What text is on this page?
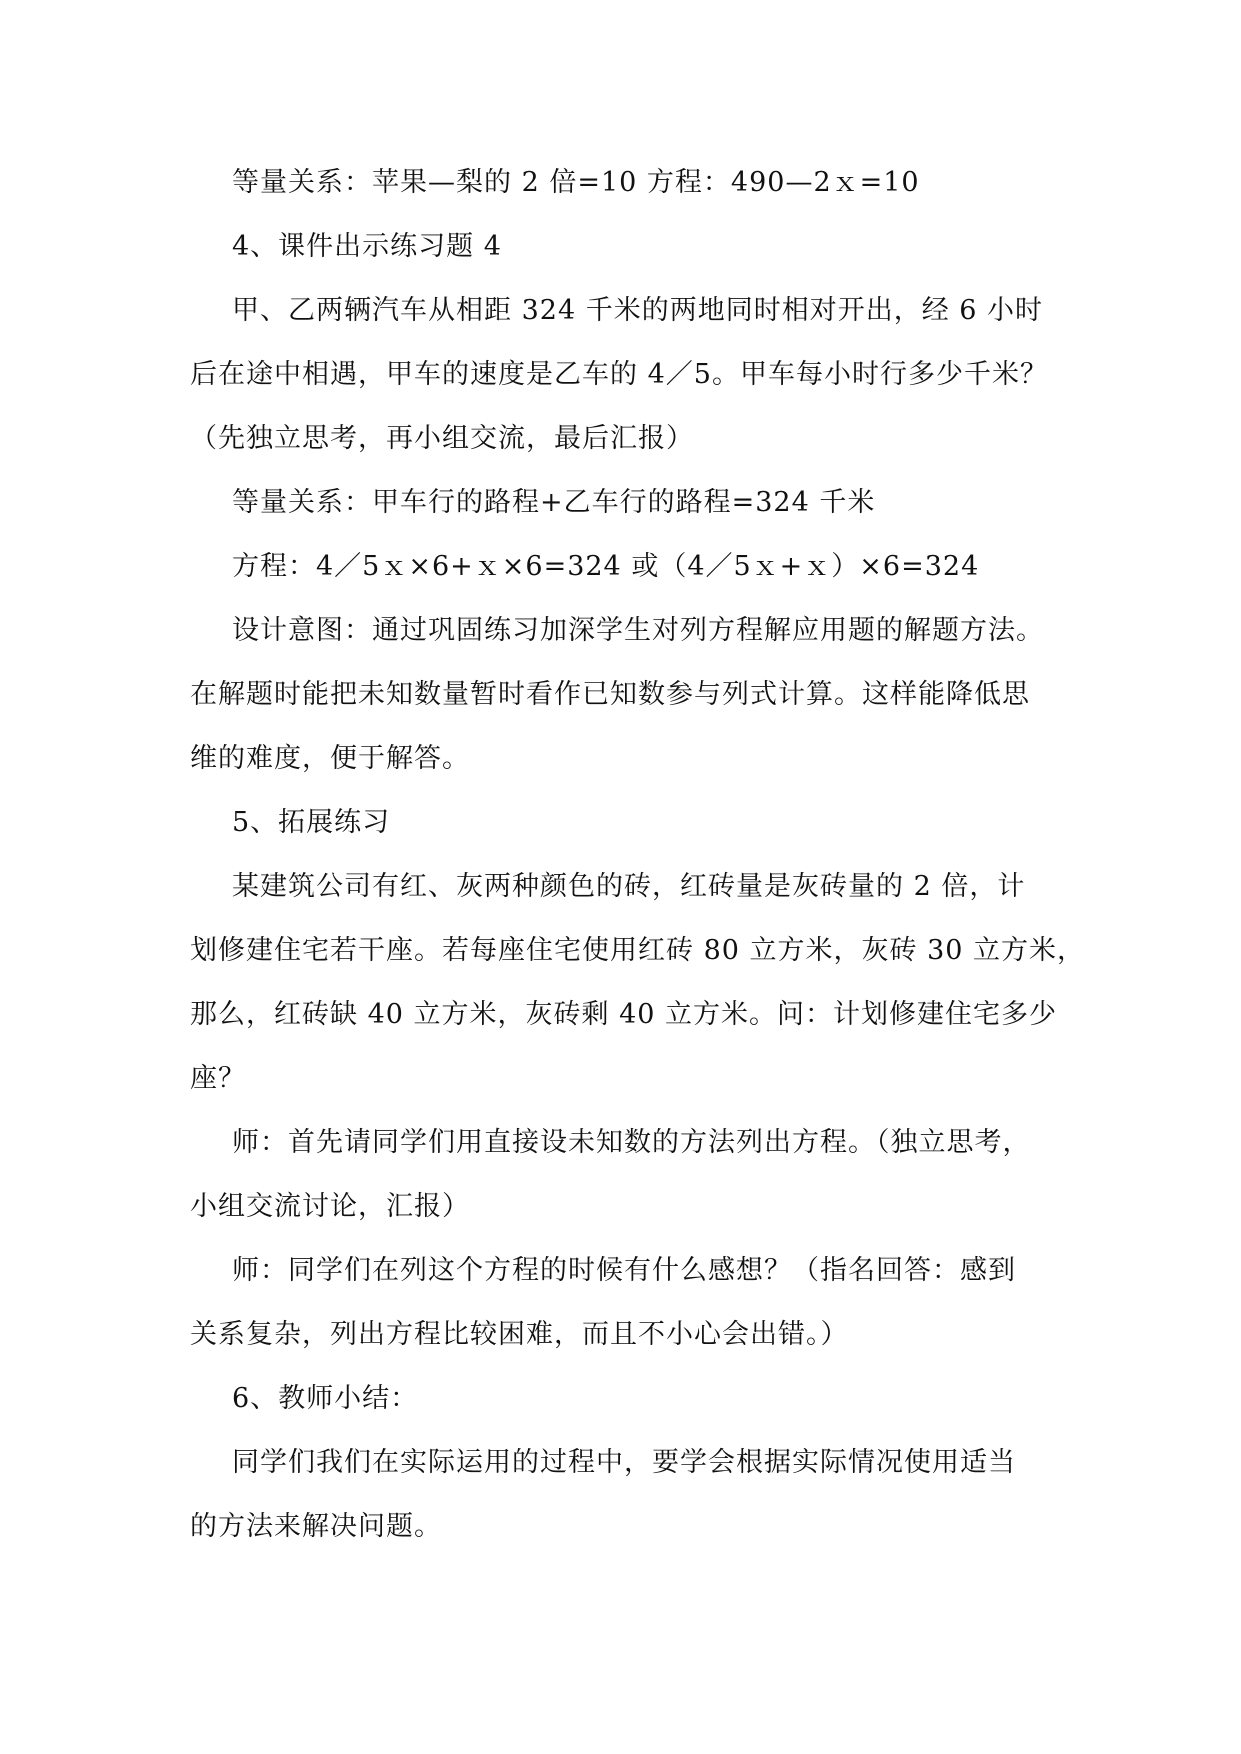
等量关系：苹果—梨的 2 倍=10 方程：490—2ｘ=10

4、课件出示练习题 4

甲、乙两辆汽车从相距 324 千米的两地同时相对开出，经 6 小时
后在途中相遇，甲车的速度是乙车的 4／5。甲车每小时行多少千米？
（先独立思考，再小组交流，最后汇报）

等量关系：甲车行的路程+乙车行的路程=324 千米

方程：4／5ｘ×6+ｘ×6=324 或（4／5ｘ+ｘ）×6=324

设计意图：通过巩固练习加深学生对列方程解应用题的解题方法。
在解题时能把未知数量暂时看作已知数参与列式计算。这样能降低思
维的难度，便于解答。

5、拓展练习

某建筑公司有红、灰两种颜色的砖，红砖量是灰砖量的 2 倍，计
划修建住宅若干座。若每座住宅使用红砖 80 立方米，灰砖 30 立方米，
那么，红砖缺 40 立方米，灰砖剩 40 立方米。问：计划修建住宅多少
座？

师：首先请同学们用直接设未知数的方法列出方程。（独立思考，
小组交流讨论，汇报）

师：同学们在列这个方程的时候有什么感想？（指名回答：感到
关系复杂，列出方程比较困难，而且不小心会出错。）

6、教师小结：

同学们我们在实际运用的过程中，要学会根据实际情况使用适当
的方法来解决问题。
